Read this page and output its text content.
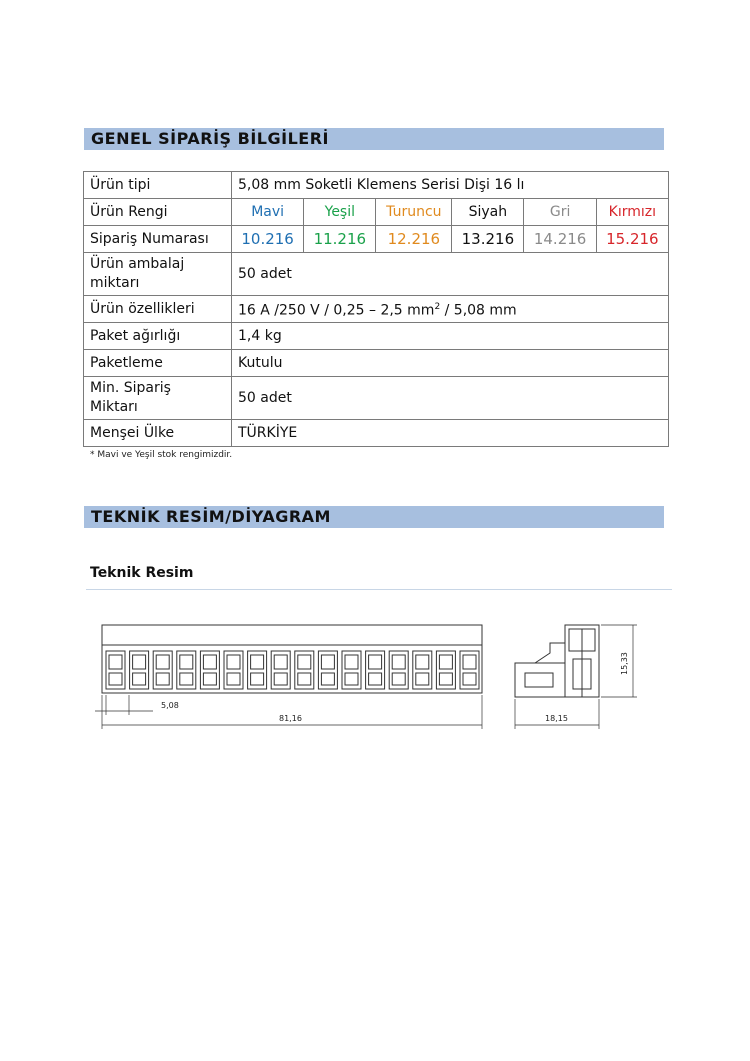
GENEL SİPARİŞ BİLGİLERİ
Ürün tipi	5,08 mm Soketli Klemens Serisi Dişi 16 lı					
Ürün Rengi	Mavi	Yeşil	Turuncu	Siyah	Gri	Kırmızı
Sipariş Numarası	10.216	11.216	12.216	13.216	14.216	15.216
Ürün ambalaj
miktarı	50 adet					
Ürün özellikleri	16 A /250 V / 0,25 – 2,5 $mm^2 / 5,08$ mm					
Paket ağırlığı	1,4 kg					
Paketleme	Kutulu					
Min. Sipariş
Miktarı	50 adet					
Menşei Ülke	TÜRKİYE					
* Mavi ve Yeşil stok rengimizdir.
TEKNİK RESİM/DİYAGRAM
Teknik Resim
5,08
81,16	18,15
15,33
